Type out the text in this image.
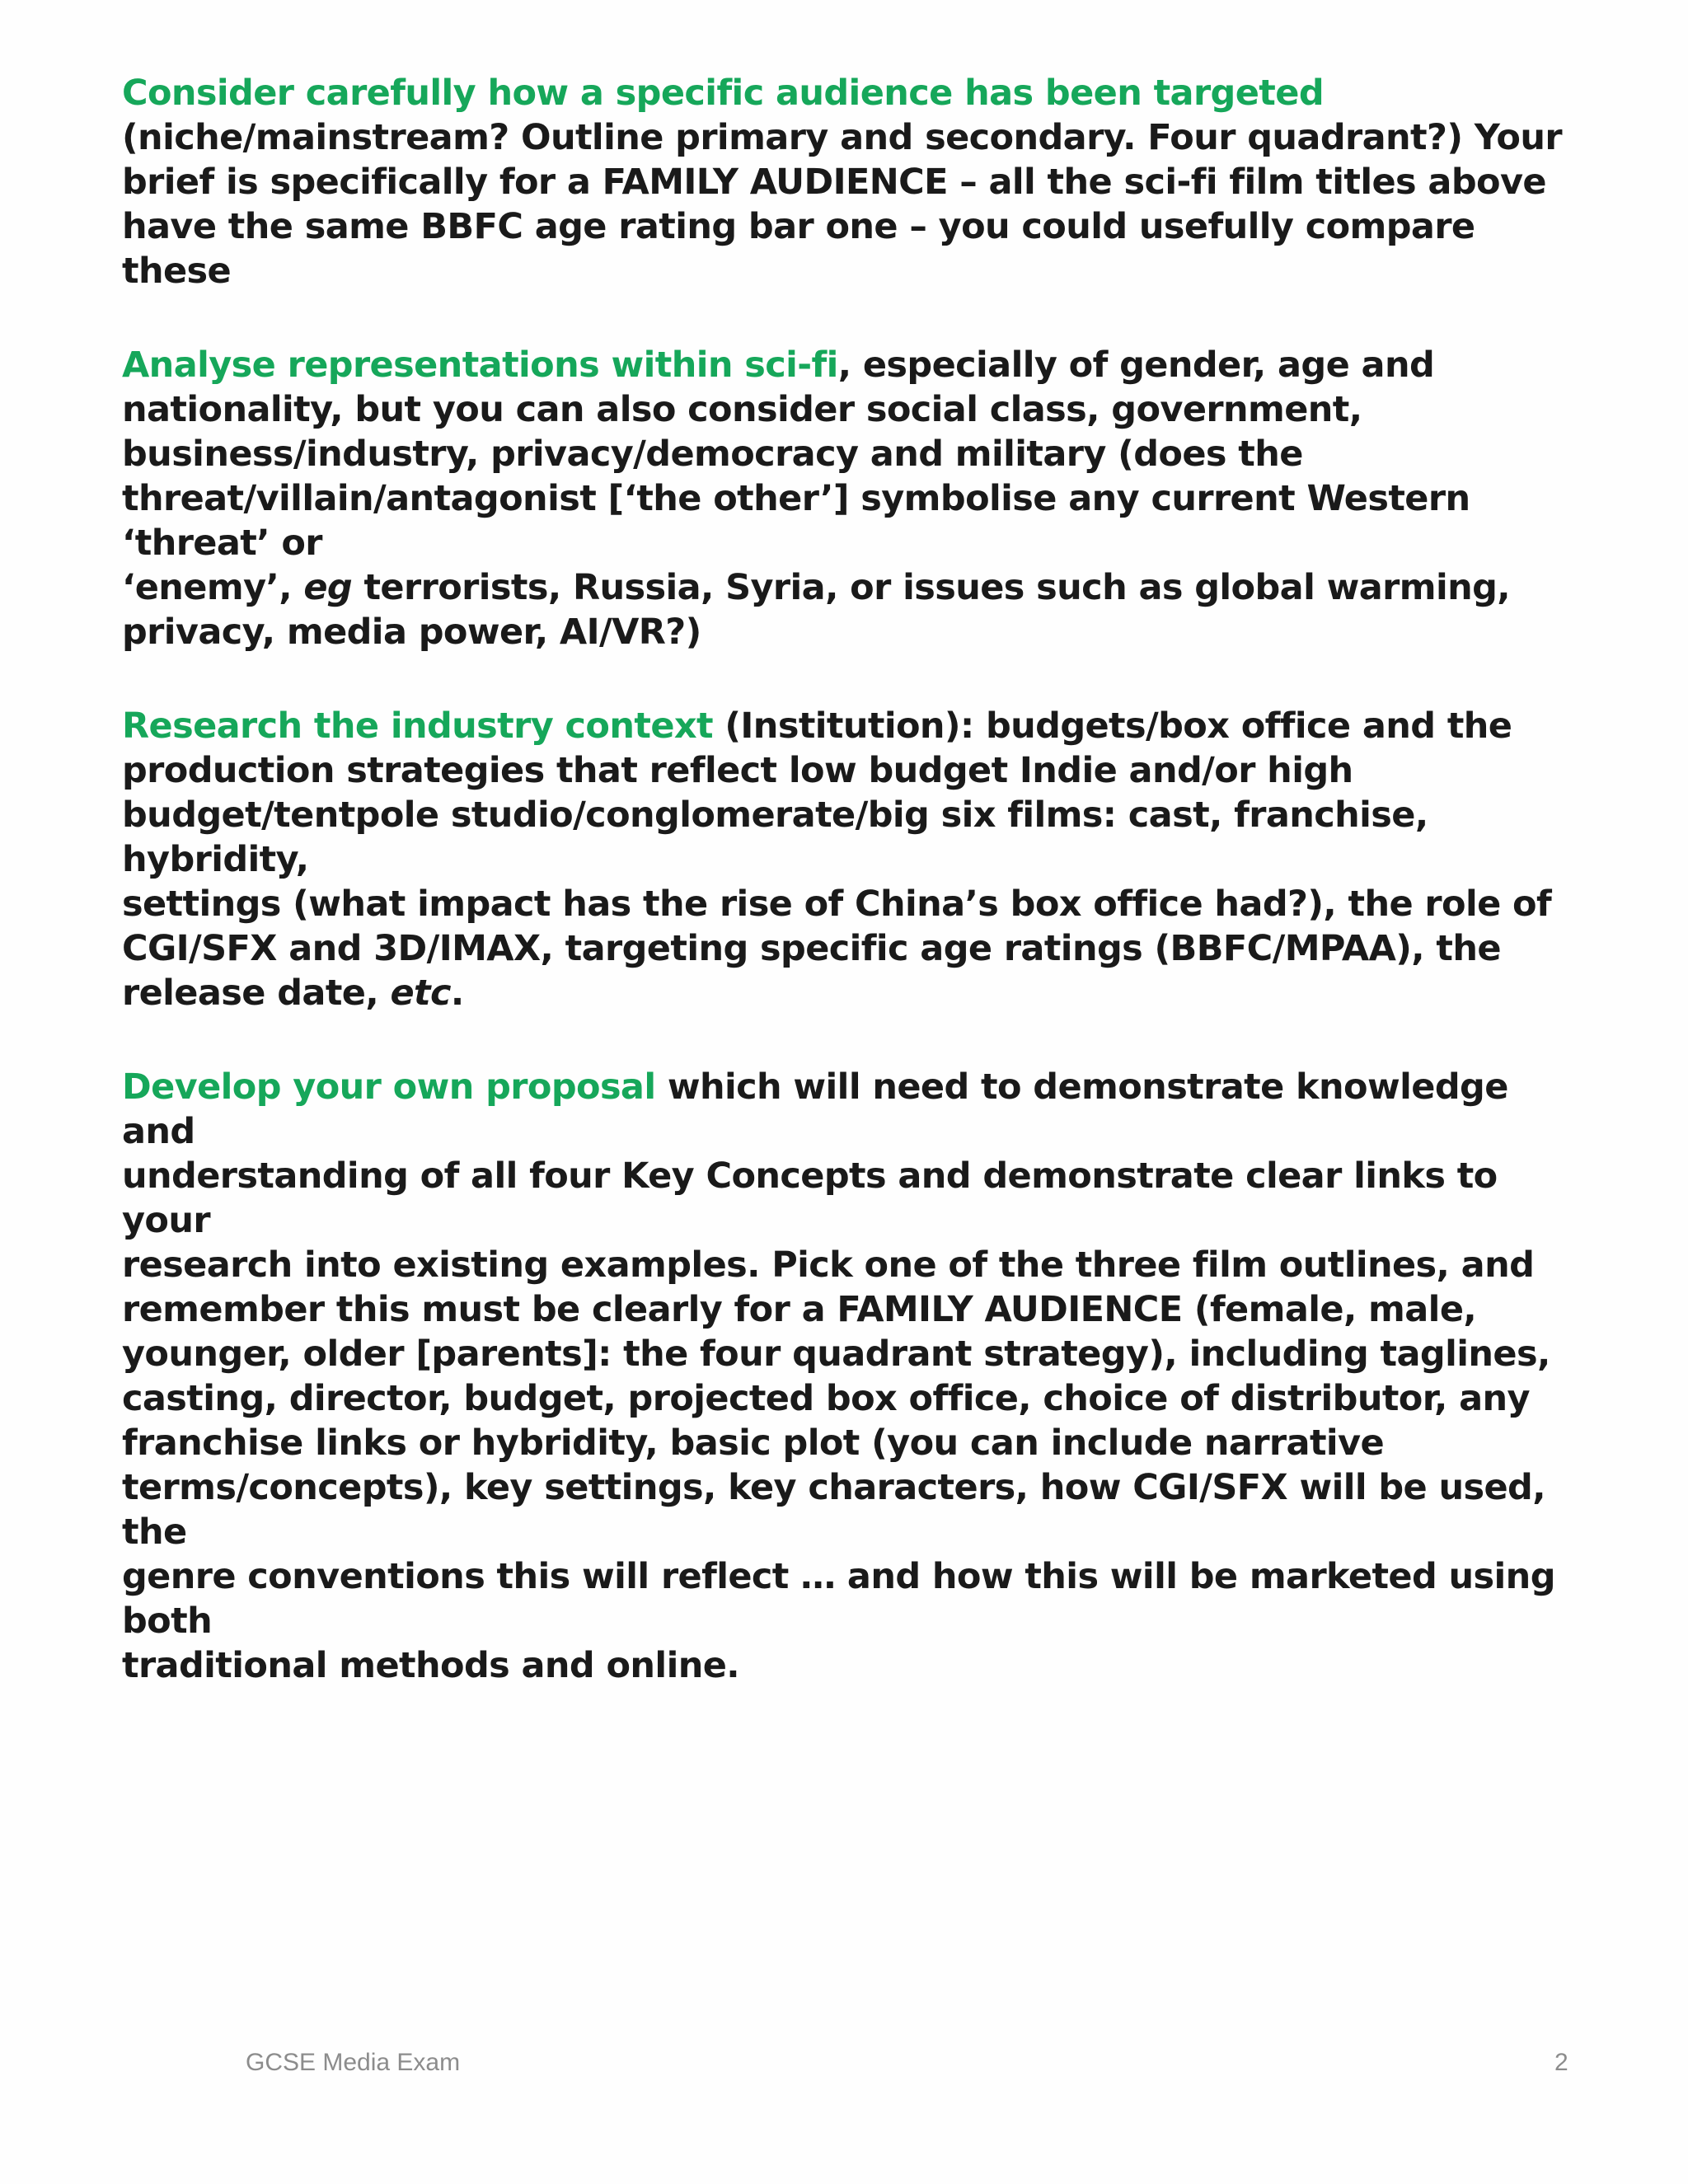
Consider carefully how a specific audience has been targeted
(niche/mainstream? Outline primary and secondary. Four quadrant?) Your
brief is specifically for a FAMILY AUDIENCE – all the sci-fi film titles above
have the same BBFC age rating bar one – you could usefully compare these

Analyse representations within sci-fi, especially of gender, age and
nationality, but you can also consider social class, government,
business/industry, privacy/democracy and military (does the
threat/villain/antagonist [‘the other’] symbolise any current Western ‘threat’ or
‘enemy’, eg terrorists, Russia, Syria, or issues such as global warming,
privacy, media power, AI/VR?)

Research the industry context (Institution): budgets/box office and the
production strategies that reflect low budget Indie and/or high
budget/tentpole studio/conglomerate/big six films: cast, franchise, hybridity,
settings (what impact has the rise of China’s box office had?), the role of
CGI/SFX and 3D/IMAX, targeting specific age ratings (BBFC/MPAA), the
release date, etc.

Develop your own proposal which will need to demonstrate knowledge and
understanding of all four Key Concepts and demonstrate clear links to your
research into existing examples. Pick one of the three film outlines, and
remember this must be clearly for a FAMILY AUDIENCE (female, male,
younger, older [parents]: the four quadrant strategy), including taglines,
casting, director, budget, projected box office, choice of distributor, any
franchise links or hybridity, basic plot (you can include narrative
terms/concepts), key settings, key characters, how CGI/SFX will be used, the
genre conventions this will reflect … and how this will be marketed using both
traditional methods and online.

GCSE Media Exam	2
